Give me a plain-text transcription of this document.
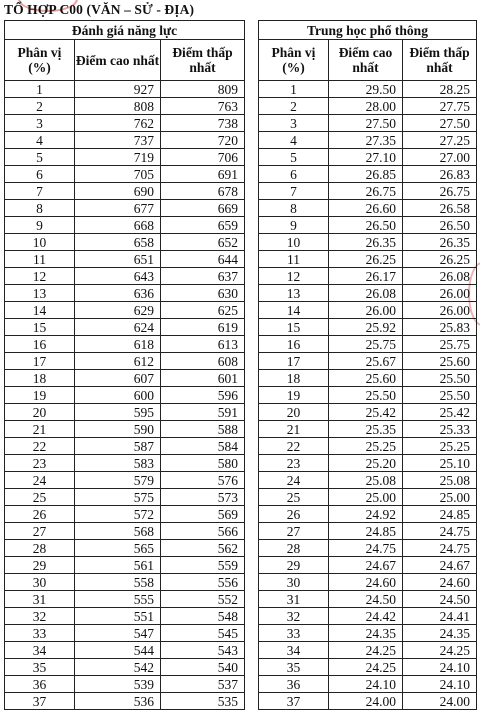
TỔ HỢP C00 (VĂN – SỬ - ĐỊA)
Đánh giá năng lực		
Phân vị (%)	Điểm cao nhất	Điểm thấp nhất
1	927	809
2	808	763
3	762	738
4	737	720
5	719	706
6	705	691
7	690	678
8	677	669
9	668	659
10	658	652
11	651	644
12	643	637
13	636	630
14	629	625
15	624	619
16	618	613
17	612	608
18	607	601
19	600	596
20	595	591
21	590	588
22	587	584
23	583	580
24	579	576
25	575	573
26	572	569
27	568	566
28	565	562
29	561	559
30	558	556
31	555	552
32	551	548
33	547	545
34	544	543
35	542	540
36	539	537
37	536	535
Trung học phổ thông		
Phân vị (%)	Điểm cao nhất	Điểm thấp nhất
1	29.50	28.25
2	28.00	27.75
3	27.50	27.50
4	27.35	27.25
5	27.10	27.00
6	26.85	26.83
7	26.75	26.75
8	26.60	26.58
9	26.50	26.50
10	26.35	26.35
11	26.25	26.25
12	26.17	26.08
13	26.08	26.00
14	26.00	26.00
15	25.92	25.83
16	25.75	25.75
17	25.67	25.60
18	25.60	25.50
19	25.50	25.50
20	25.42	25.42
21	25.35	25.33
22	25.25	25.25
23	25.20	25.10
24	25.08	25.08
25	25.00	25.00
26	24.92	24.85
27	24.85	24.75
28	24.75	24.75
29	24.67	24.67
30	24.60	24.60
31	24.50	24.50
32	24.42	24.41
33	24.35	24.35
34	24.25	24.25
35	24.25	24.10
36	24.10	24.10
37	24.00	24.00
